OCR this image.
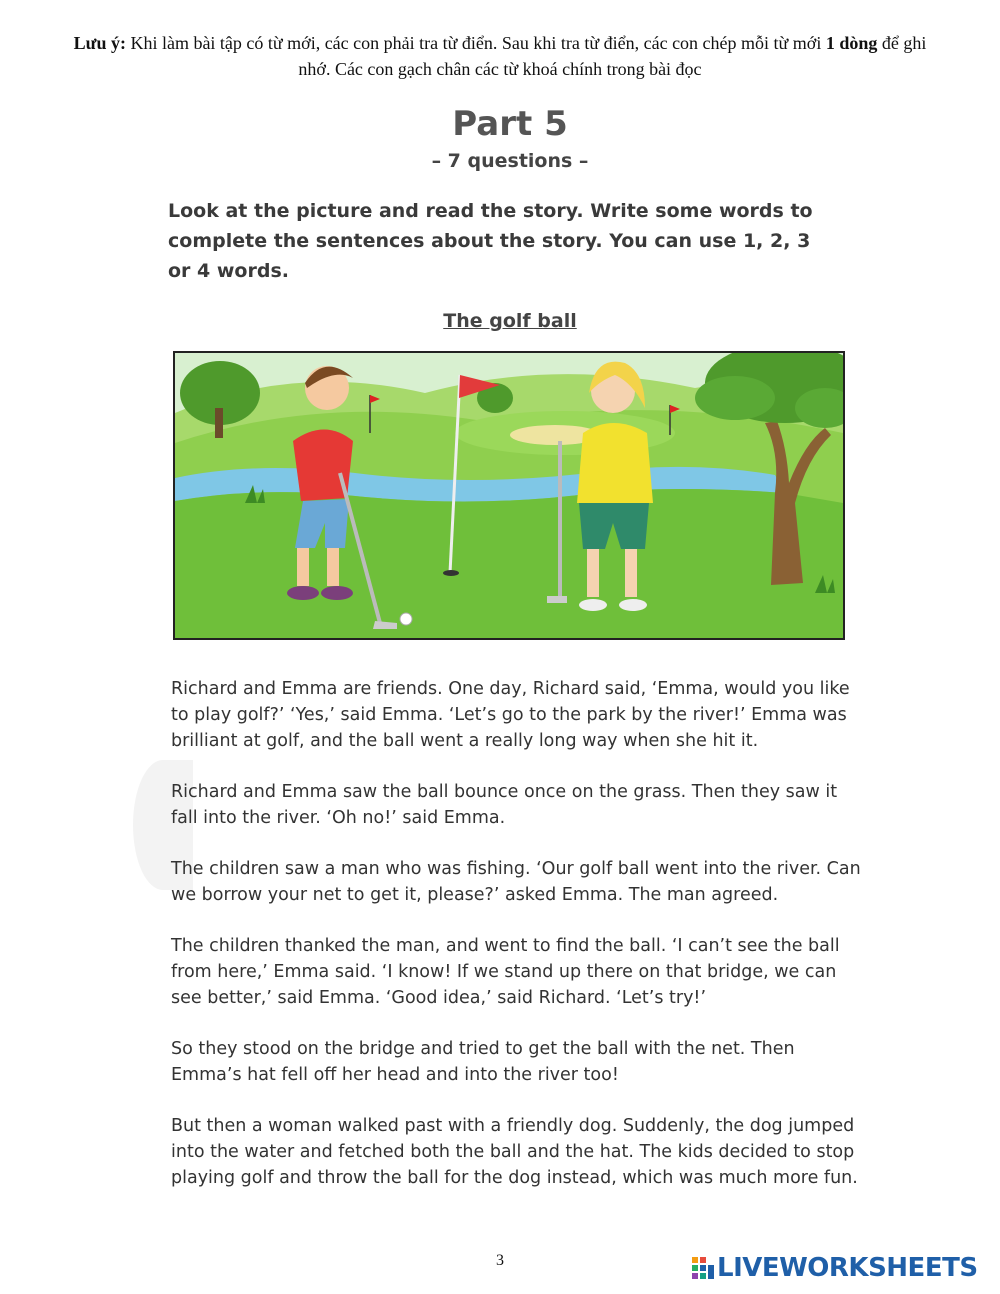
Lưu ý: Khi làm bài tập có từ mới, các con phải tra từ điển. Sau khi tra từ điển, các con chép mỗi từ mới 1 dòng để ghi nhớ. Các con gạch chân các từ khoá chính trong bài đọc
Part 5
– 7 questions –
Look at the picture and read the story. Write some words to complete the sentences about the story. You can use 1, 2, 3 or 4 words.
The golf ball

Richard and Emma are friends. One day, Richard said, ‘Emma, would you like to play golf?’ ‘Yes,’ said Emma. ‘Let’s go to the park by the river!’ Emma was brilliant at golf, and the ball went a really long way when she hit it.

Richard and Emma saw the ball bounce once on the grass. Then they saw it fall into the river. ‘Oh no!’ said Emma.

The children saw a man who was fishing. ‘Our golf ball went into the river. Can we borrow your net to get it, please?’ asked Emma. The man agreed.

The children thanked the man, and went to find the ball. ‘I can’t see the ball from here,’ Emma said. ‘I know! If we stand up there on that bridge, we can see better,’ said Emma. ‘Good idea,’ said Richard. ‘Let’s try!’

So they stood on the bridge and tried to get the ball with the net. Then Emma’s hat fell off her head and into the river too!

But then a woman walked past with a friendly dog. Suddenly, the dog jumped into the water and fetched both the ball and the hat. The kids decided to stop playing golf and throw the ball for the dog instead, which was much more fun.

3	LIVEWORKSHEETS
